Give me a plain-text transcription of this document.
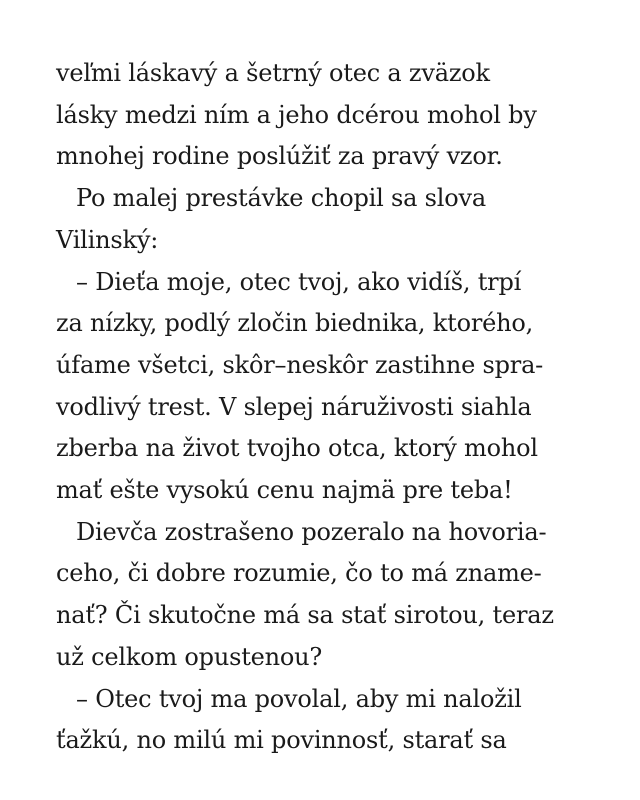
veľmi láskavý a šetrný otec a zväzok
lásky medzi ním a jeho dcérou mohol by
mnohej rodine poslúžiť za pravý vzor.
Po malej prestávke chopil sa slova
Vilinský:
– Dieťa moje, otec tvoj, ako vidíš, trpí
za nízky, podlý zločin biednika, ktorého,
úfame všetci, skôr–neskôr zastihne spra-
vodlivý trest. V slepej náruživosti siahla
zberba na život tvojho otca, ktorý mohol
mať ešte vysokú cenu najmä pre teba!
Dievča zostrašeno pozeralo na hovoria-
ceho, či dobre rozumie, čo to má zname-
nať? Či skutočne má sa stať sirotou, teraz
už celkom opustenou?
– Otec tvoj ma povolal, aby mi naložil
ťažkú, no milú mi povinnosť, starať sa
